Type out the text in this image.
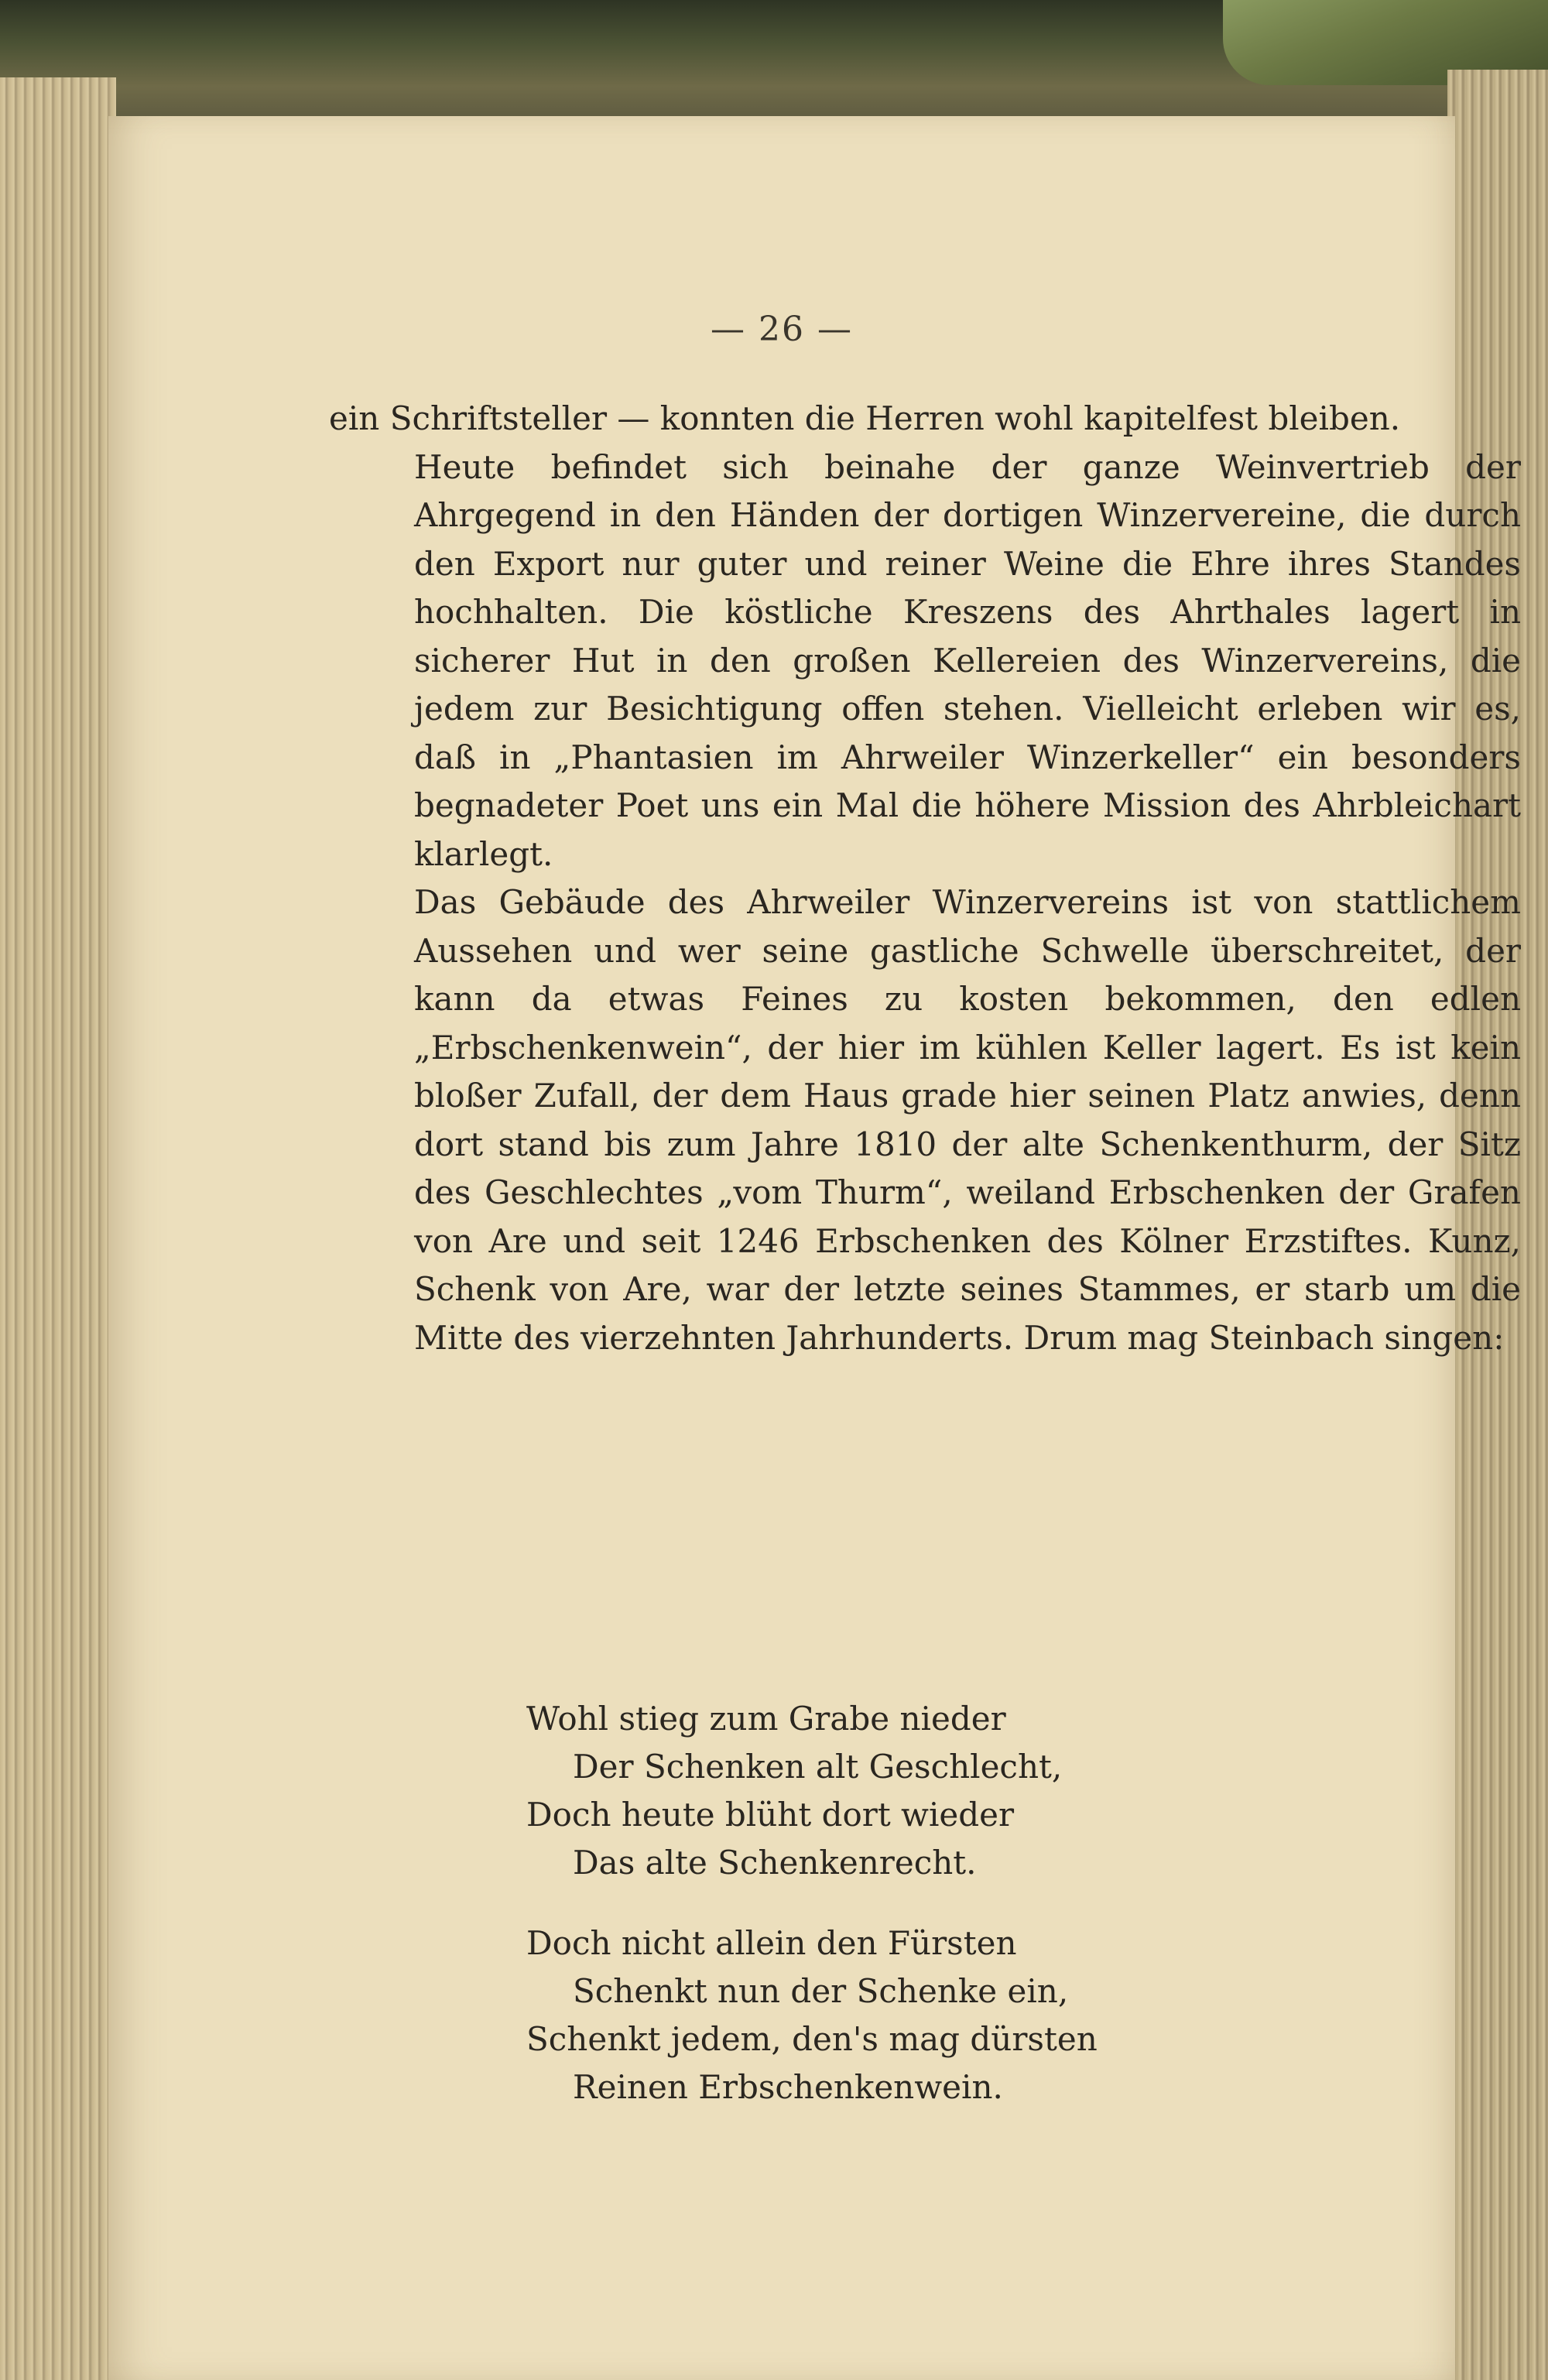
— 26 —

ein Schriftsteller — konnten die Herren wohl kapitelfest bleiben.

Heute befindet sich beinahe der ganze Weinvertrieb der Ahrgegend in den Händen der dortigen Winzervereine, die durch den Export nur guter und reiner Weine die Ehre ihres Standes hochhalten. Die köstliche Kreszens des Ahrthales lagert in sicherer Hut in den großen Kellereien des Winzervereins, die jedem zur Besichtigung offen stehen. Vielleicht erleben wir es, daß in „Phantasien im Ahrweiler Winzerkeller“ ein besonders begnadeter Poet uns ein Mal die höhere Mission des Ahrbleichart klarlegt.

Das Gebäude des Ahrweiler Winzervereins ist von stattlichem Aussehen und wer seine gastliche Schwelle überschreitet, der kann da etwas Feines zu kosten bekommen, den edlen „Erbschenkenwein“, der hier im kühlen Keller lagert. Es ist kein bloßer Zufall, der dem Haus grade hier seinen Platz anwies, denn dort stand bis zum Jahre 1810 der alte Schenkenthurm, der Sitz des Geschlechtes „vom Thurm“, weiland Erbschenken der Grafen von Are und seit 1246 Erbschenken des Kölner Erzstiftes. Kunz, Schenk von Are, war der letzte seines Stammes, er starb um die Mitte des vierzehnten Jahrhunderts. Drum mag Steinbach singen:

Wohl stieg zum Grabe nieder
Der Schenken alt Geschlecht,
Doch heute blüht dort wieder
Das alte Schenkenrecht.
Doch nicht allein den Fürsten
Schenkt nun der Schenke ein,
Schenkt jedem, den's mag dürsten
Reinen Erbschenkenwein.
